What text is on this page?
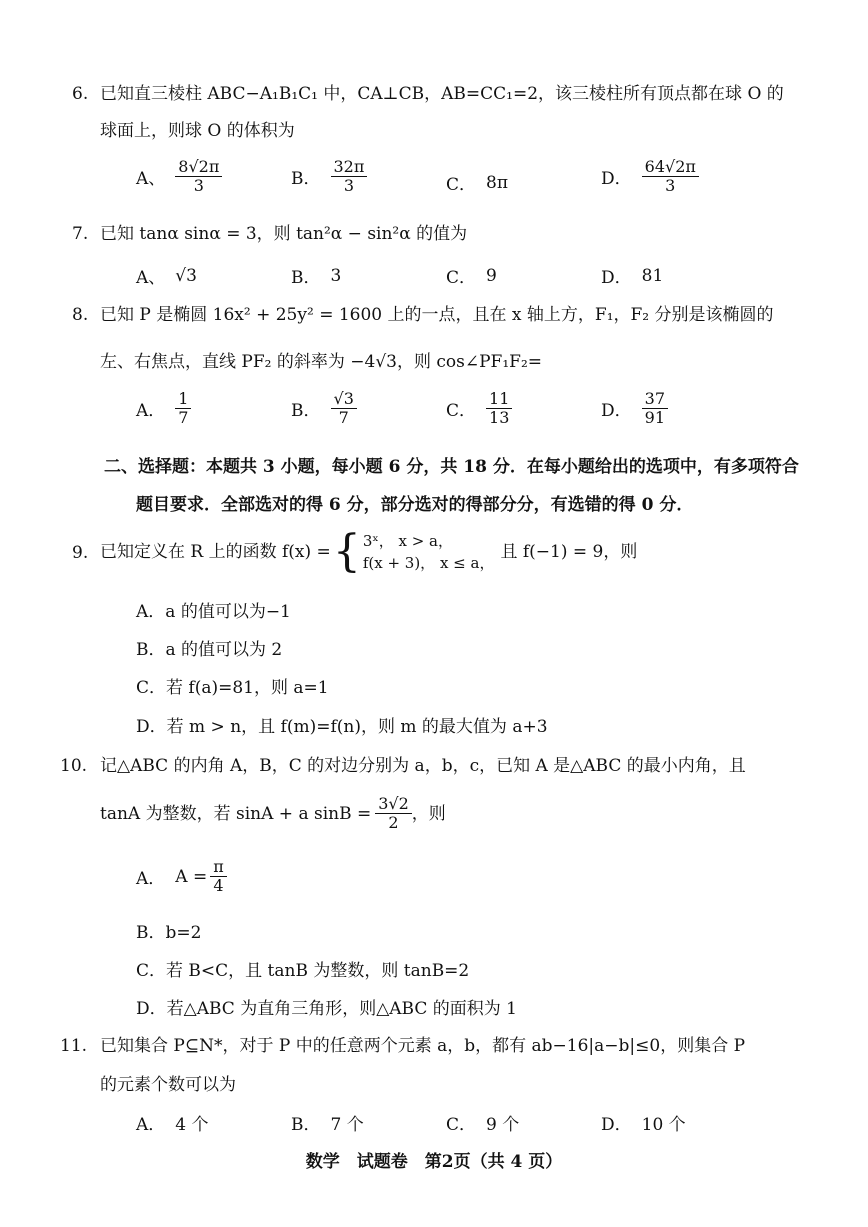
6. 已知直三棱柱 ABC−A₁B₁C₁ 中，CA⊥CB，AB=CC₁=2，该三棱柱所有顶点都在球 O 的
球面上，则球 O 的体积为
A、 $\frac{8√2\pi}{3}$	B． $\frac{32\pi}{3}$	C． 8π	D． $\frac{64√2\pi}{3}$
7. 已知 tanα sinα = 3，则 tan²α − sin²α 的值为
A、 √3	B． 3	C． 9	D． 81
8. 已知 P 是椭圆 16x² + 25y² = 1600 上的一点，且在 x 轴上方，F₁，F₂ 分别是该椭圆的
左、右焦点，直线 PF₂ 的斜率为 −4√3，则 cos∠PF₁F₂=
A． $\frac{1}{7}$	B． $\frac{√3}{7}$	C． $\frac{11}{13}$	D． $\frac{37}{91}$
二、选择题：本题共 3 小题，每小题 6 分，共 18 分．在每小题给出的选项中，有多项符合
题目要求．全部选对的得 6 分，部分选对的得部分分，有选错的得 0 分．
9. 已知定义在 R 上的函数 f(x) = { 3ˣ， x > a，
f(x + 3)， x ≤ a，
且 f(−1) = 9，则
A．a 的值可以为−1
B．a 的值可以为 2
C．若 f(a)=81，则 a=1
D．若 m > n，且 f(m)=f(n)，则 m 的最大值为 a+3
10. 记△ABC 的内角 A，B，C 的对边分别为 a，b，c，已知 A 是△ABC 的最小内角，且
tanA 为整数，若 sinA + a $\sin B = \frac{3√2}{2}$ ，则
A． $A = \frac{\pi}{4}$
B．b=2
C．若 B<C，且 tanB 为整数，则 tanB=2
D．若△ABC 为直角三角形，则△ABC 的面积为 1
11. 已知集合 P⊆N*，对于 P 中的任意两个元素 a，b，都有 ab−16|a−b|≤0，则集合 P
的元素个数可以为
A． 4 个	B． 7 个	C． 9 个	D． 10 个
数学　试题卷　第2页（共 4 页）
